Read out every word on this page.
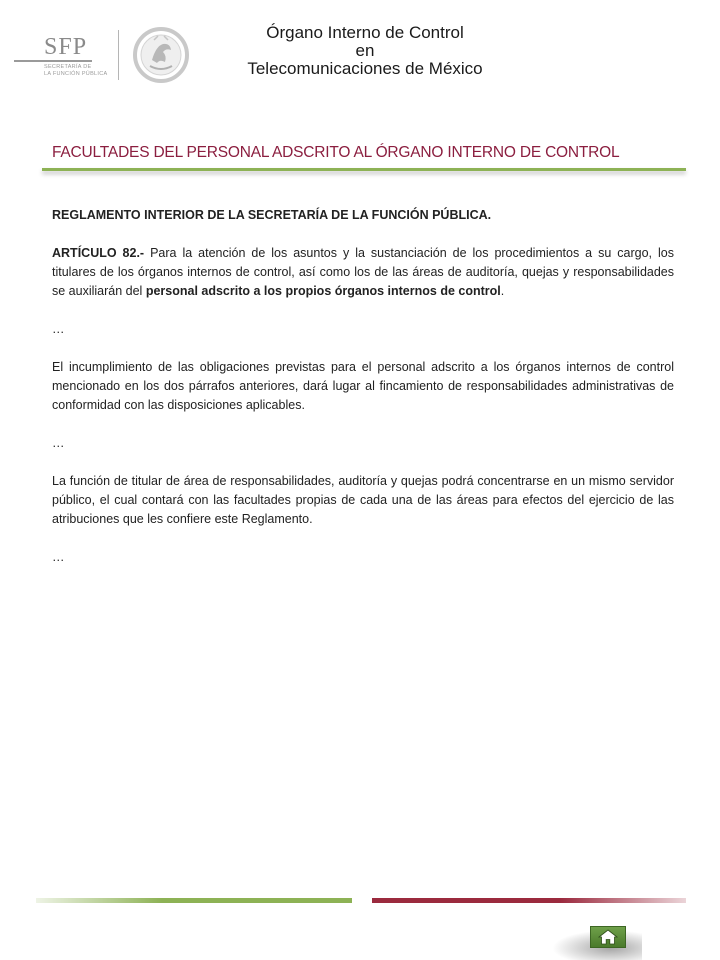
SFP
SECRETARÍA DE
LA FUNCIÓN PÚBLICA
Órgano Interno de Control
en
Telecomunicaciones de México
FACULTADES DEL PERSONAL ADSCRITO AL ÓRGANO INTERNO DE CONTROL

REGLAMENTO INTERIOR DE LA SECRETARÍA DE LA FUNCIÓN PÚBLICA.

ARTÍCULO 82.- Para la atención de los asuntos y la sustanciación de los procedimientos a su cargo, los titulares de los órganos internos de control, así como los de las áreas de auditoría, quejas y responsabilidades se auxiliarán del personal adscrito a los propios órganos internos de control.

…

El incumplimiento de las obligaciones previstas para el personal adscrito a los órganos internos de control mencionado en los dos párrafos anteriores, dará lugar al fincamiento de responsabilidades administrativas de conformidad con las disposiciones aplicables.

…

La función de titular de área de responsabilidades, auditoría y quejas podrá concentrarse en un mismo servidor público, el cual contará con las facultades propias de cada una de las áreas para efectos del ejercicio de las atribuciones que les confiere este Reglamento.

…
